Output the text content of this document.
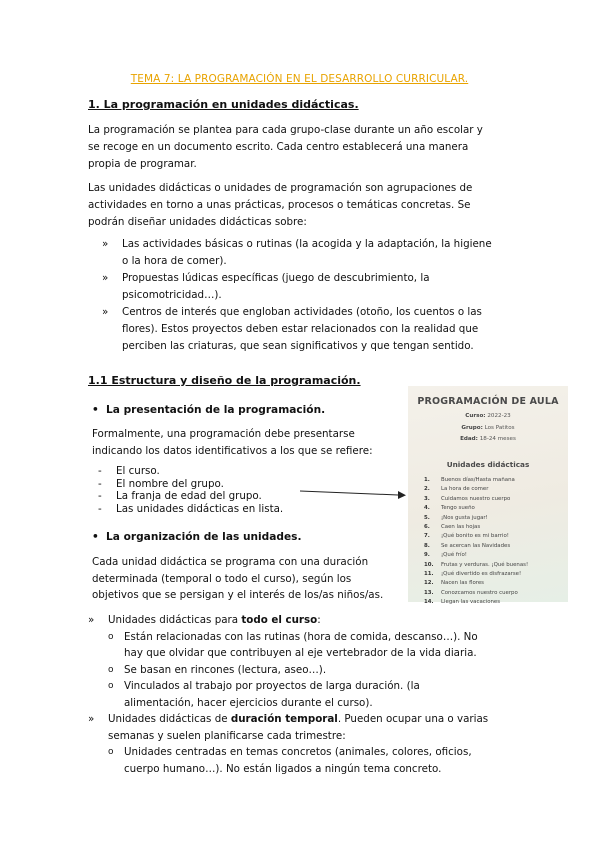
TEMA 7: LA PROGRAMACIÓN EN EL DESARROLLO CURRICULAR.
1. La programación en unidades didácticas.
La programación se plantea para cada grupo-clase durante un año escolar y
se recoge en un documento escrito. Cada centro establecerá una manera
propia de programar.
Las unidades didácticas o unidades de programación son agrupaciones de
actividades en torno a unas prácticas, procesos o temáticas concretas. Se
podrán diseñar unidades didácticas sobre:
» Las actividades básicas o rutinas (la acogida y la adaptación, la higiene
o la hora de comer).
» Propuestas lúdicas específicas (juego de descubrimiento, la
psicomotricidad…).
» Centros de interés que engloban actividades (otoño, los cuentos o las
flores). Estos proyectos deben estar relacionados con la realidad que
perciben las criaturas, que sean significativos y que tengan sentido.
1.1 Estructura y diseño de la programación.
• La presentación de la programación.
Formalmente, una programación debe presentarse
indicando los datos identificativos a los que se refiere:
- El curso.
- El nombre del grupo.
- La franja de edad del grupo.
- Las unidades didácticas en lista.
PROGRAMACIÓN DE AULA
Curso: 2022-23
Grupo: Los Patitos
Edad: 18-24 meses
Unidades didácticas
1. Buenos días/Hasta mañana
2. La hora de comer
3. Cuidamos nuestro cuerpo
4. Tengo sueño
5. ¡Nos gusta jugar!
6. Caen las hojas
7. ¡Qué bonito es mi barrio!
8. Se acercan las Navidades
9. ¡Qué frío!
10. Frutas y verduras. ¡Qué buenas!
11. ¡Qué divertido es disfrazarse!
12. Nacen las flores
13. Conozcamos nuestro cuerpo
14. Llegan las vacaciones
• La organización de las unidades.
Cada unidad didáctica se programa con una duración
determinada (temporal o todo el curso), según los
objetivos que se persigan y el interés de los/as niños/as.
» Unidades didácticas para todo el curso:
o Están relacionadas con las rutinas (hora de comida, descanso…). No
hay que olvidar que contribuyen al eje vertebrador de la vida diaria.
o Se basan en rincones (lectura, aseo…).
o Vinculados al trabajo por proyectos de larga duración. (la
alimentación, hacer ejercicios durante el curso).
» Unidades didácticas de duración temporal. Pueden ocupar una o varias
semanas y suelen planificarse cada trimestre:
o Unidades centradas en temas concretos (animales, colores, oficios,
cuerpo humano…). No están ligados a ningún tema concreto.
